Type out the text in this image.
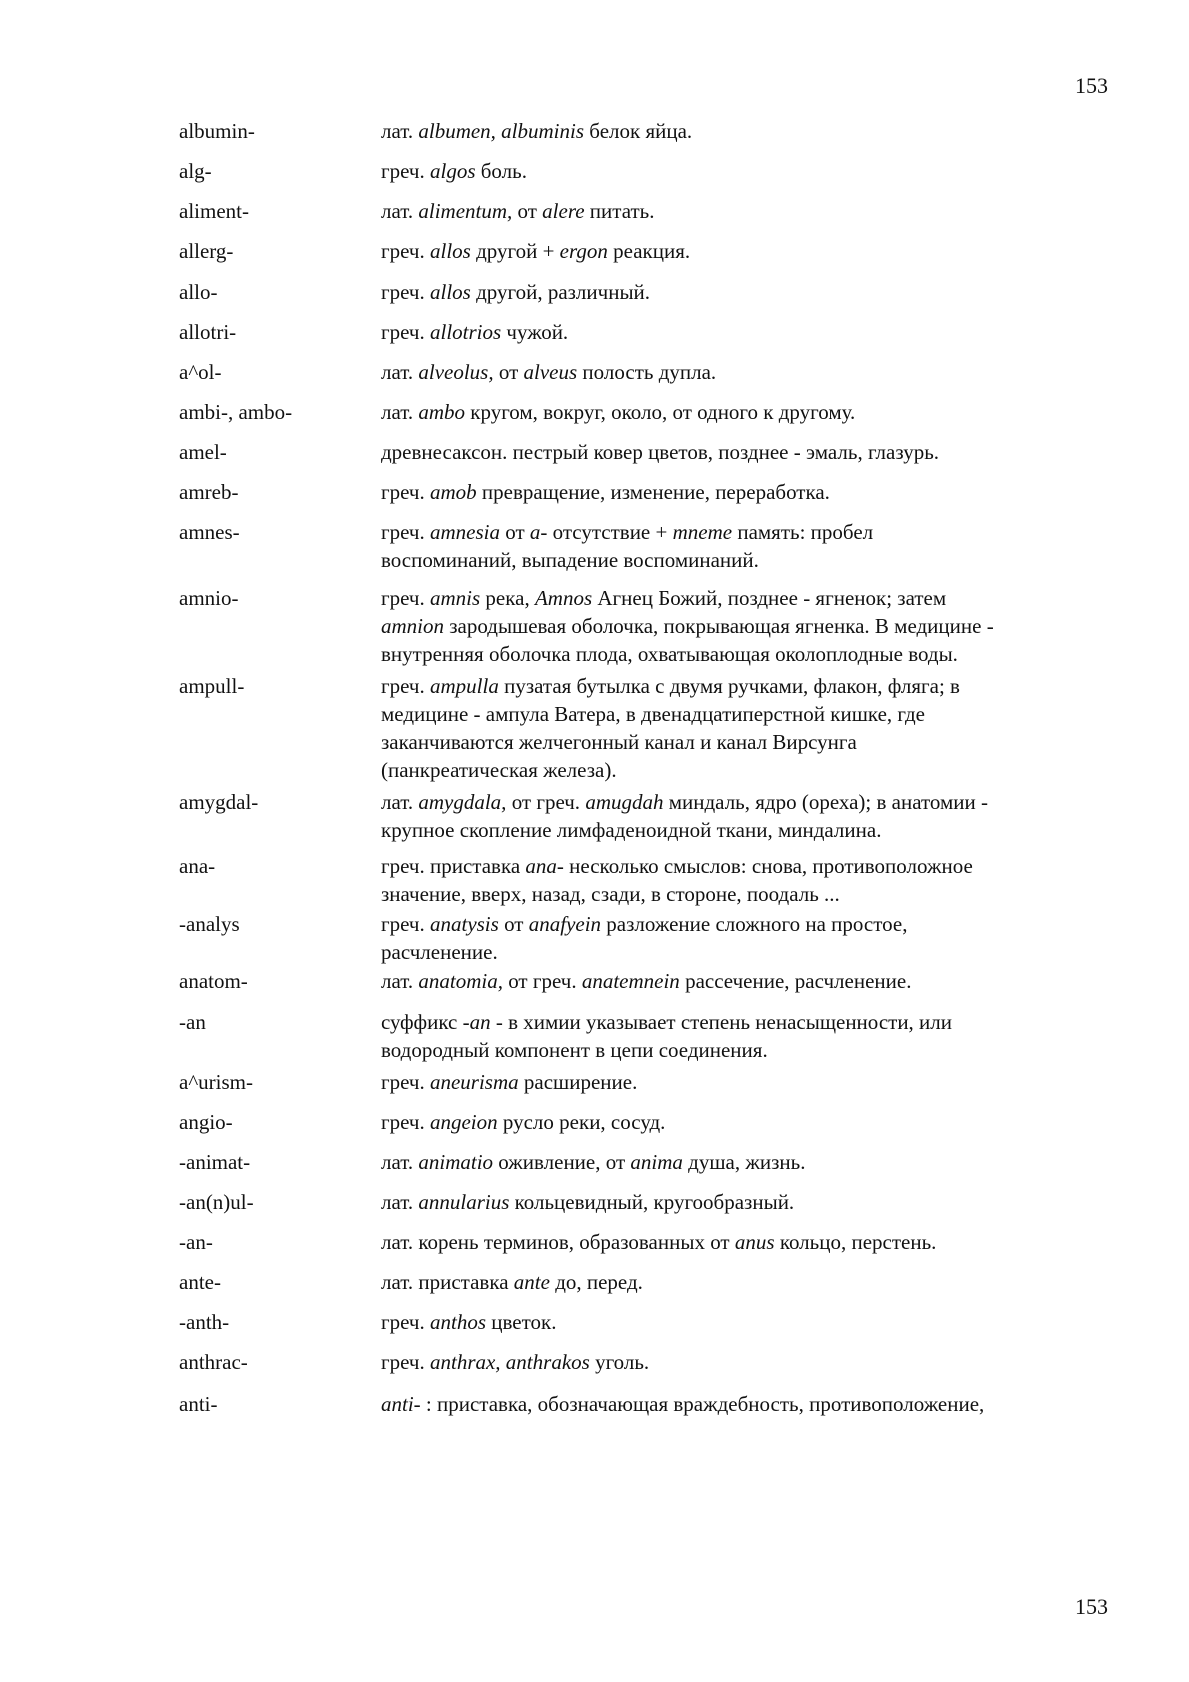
153
albumin-	лат. albumen, albuminis белок яйца.
alg-	греч. algos боль.
aliment-	лат. alimentum, от alere питать.
allerg-	греч. allos другой + ergon реакция.
allo-	греч. allos другой, различный.
allotri-	греч. allotrios чужой.
a^ol-	лат. alveolus, от alveus полость дупла.
ambi-, ambo-	лат. ambo кругом, вокруг, около, от одного к другому.
amel-	древнесаксон. пестрый ковер цветов, позднее - эмаль, глазурь.
amreb-	греч. amob превращение, изменение, переработка.
amnes-	греч. amnesia от a- отсутствие + mneme память: пробел
воспоминаний, выпадение воспоминаний.
amnio-	греч. amnis река, Amnos Агнец Божий, позднее - ягненок; затем
amnion зародышевая оболочка, покрывающая ягненка. В медицине -
внутренняя оболочка плода, охватывающая околоплодные воды.
ampull-	греч. ampulla пузатая бутылка с двумя ручками, флакон, фляга; в
медицине - ампула Ватера, в двенадцатиперстной кишке, где
заканчиваются желчегонный канал и канал Вирсунга
(панкреатическая железа).
amygdal-	лат. amygdala, от греч. amugdah миндаль, ядро (ореха); в анатомии -
крупное скопление лимфаденоидной ткани, миндалина.
ana-	греч. приставка ana- несколько смыслов: снова, противоположное
значение, вверх, назад, сзади, в стороне, поодаль ...
-analys	греч. anatysis от anafyein разложение сложного на простое,
расчленение.
anatom-	лат. anatomia, от греч. anatemnein рассечение, расчленение.
-an	суффикс -an - в химии указывает степень ненасыщенности, или
водородный компонент в цепи соединения.
a^urism-	греч. aneurisma расширение.
angio-	греч. angeion русло реки, сосуд.
-animat-	лат. animatio оживление, от anima душа, жизнь.
-an(n)ul-	лат. annularius кольцевидный, кругообразный.
-an-	лат. корень терминов, образованных от anus кольцо, перстень.
ante-	лат. приставка ante до, перед.
-anth-	греч. anthos цветок.
anthrac-	греч. anthrax, anthrakos уголь.
anti-	anti- : приставка, обозначающая враждебность, противоположение,
153
